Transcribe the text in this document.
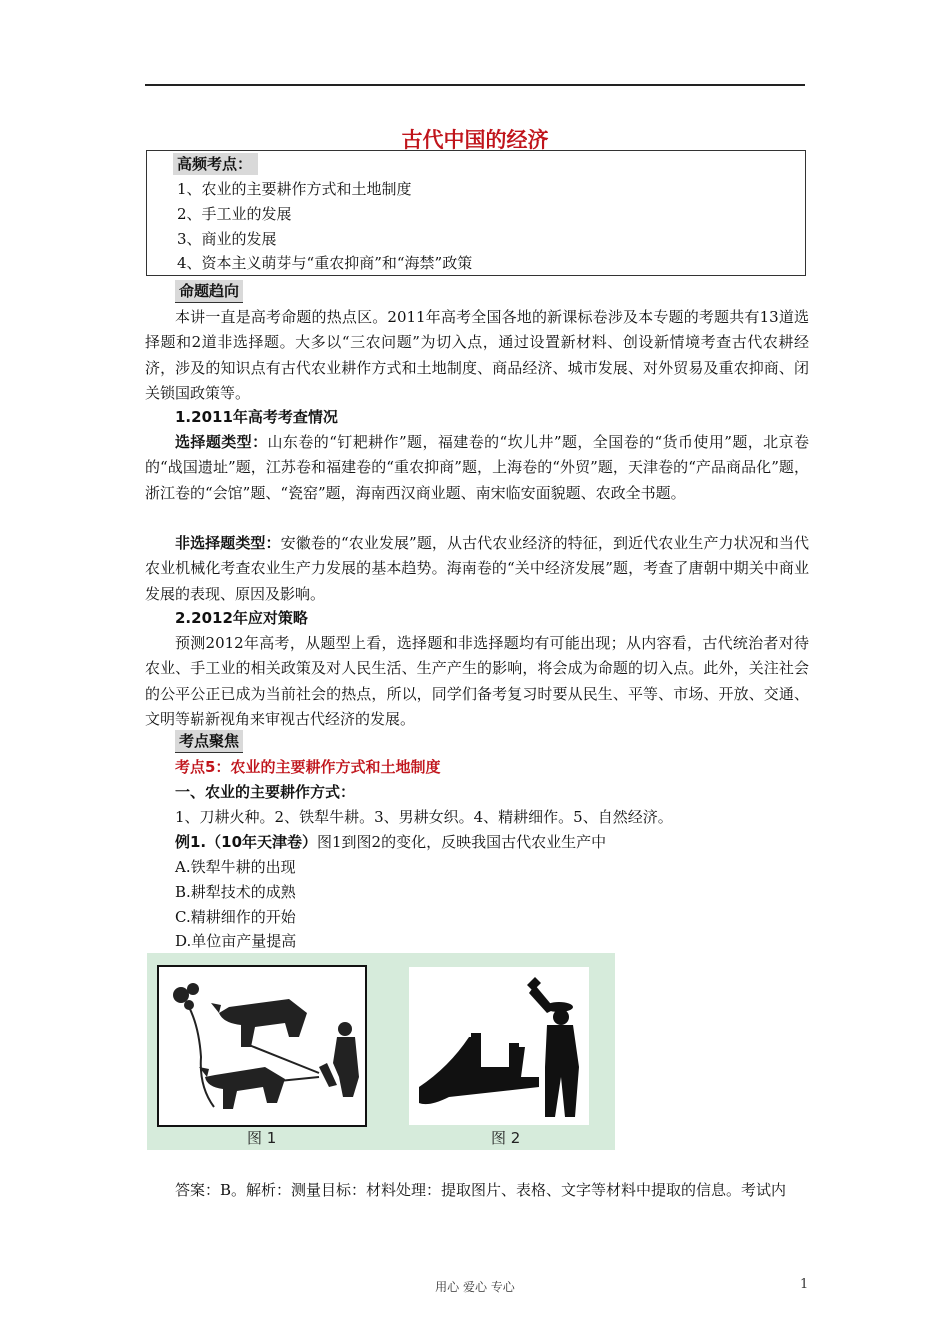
古代中国的经济
高频考点：
1、农业的主要耕作方式和土地制度
2、手工业的发展
3、商业的发展
4、资本主义萌芽与“重农抑商”和“海禁”政策
命题趋向

本讲一直是高考命题的热点区。2011年高考全国各地的新课标卷涉及本专题的考题共有13道选择题和2道非选择题。大多以“三农问题”为切入点，通过设置新材料、创设新情境考查古代农耕经济，涉及的知识点有古代农业耕作方式和土地制度、商品经济、城市发展、对外贸易及重农抑商、闭关锁国政策等。

1.2011年高考考查情况

选择题类型：山东卷的“钉耙耕作”题，福建卷的“坎儿井”题，全国卷的“货币使用”题，北京卷的“战国遗址”题，江苏卷和福建卷的“重农抑商”题，上海卷的“外贸”题，天津卷的“产品商品化”题，浙江卷的“会馆”题、“瓷窑”题，海南西汉商业题、南宋临安面貌题、农政全书题。

非选择题类型：安徽卷的“农业发展”题，从古代农业经济的特征，到近代农业生产力状况和当代农业机械化考查农业生产力发展的基本趋势。海南卷的“关中经济发展”题，考查了唐朝中期关中商业发展的表现、原因及影响。

2.2012年应对策略

预测2012年高考，从题型上看，选择题和非选择题均有可能出现；从内容看，古代统治者对待农业、手工业的相关政策及对人民生活、生产产生的影响，将会成为命题的切入点。此外，关注社会的公平公正已成为当前社会的热点，所以，同学们备考复习时要从民生、平等、市场、开放、交通、文明等崭新视角来审视古代经济的发展。

考点聚焦
考点5：农业的主要耕作方式和土地制度
一、农业的主要耕作方式：
1、刀耕火种。2、铁犁牛耕。3、男耕女织。4、精耕细作。5、自然经济。
例1.（10年天津卷）图1到图2的变化，反映我国古代农业生产中
A.铁犁牛耕的出现
B.耕犁技术的成熟
C.精耕细作的开始
D.单位亩产量提高
图 1	图 2
答案：B。解析：测量目标：材料处理：提取图片、表格、文字等材料中提取的信息。考试内
用心 爱心 专心	1
